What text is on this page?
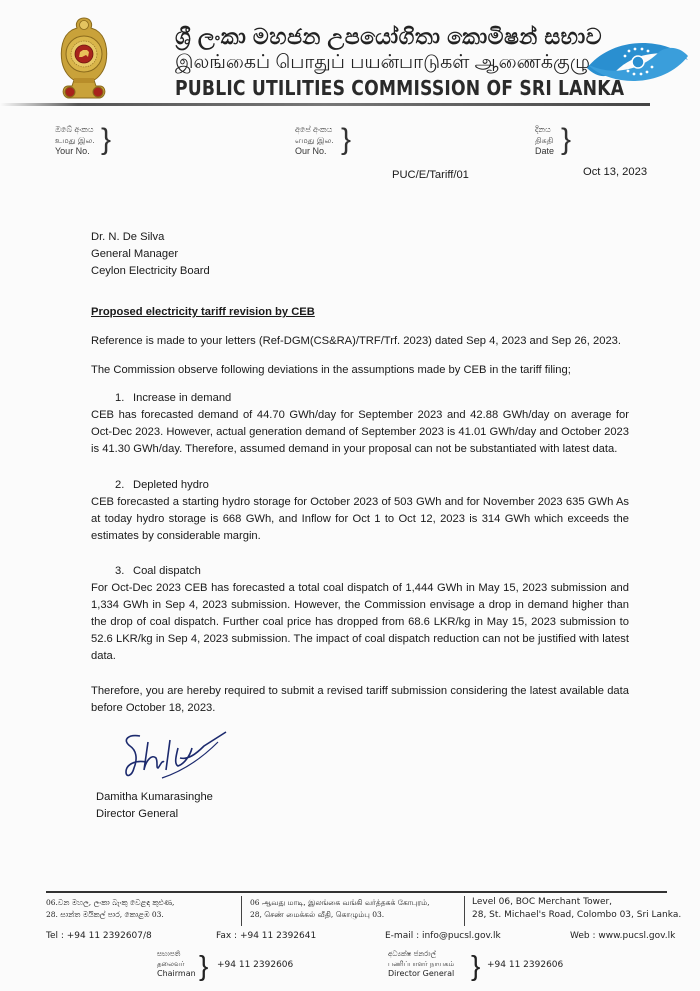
ශ්‍රී ලංකා මහජන උපයෝගිතා කොමිෂන් සභාව
இலங்கைப் பொதுப் பயன்பாடுகள் ஆணைக்குழு
PUBLIC UTILITIES COMMISSION OF SRI LANKA
ඔබේ අංකය
உமது இல.
Your No. }	අපේ අංකය
எமது இல.
Our No. }	දිනය
திகதி
Date }
PUC/E/Tariff/01	Oct 13, 2023
Dr. N. De Silva
General Manager
Ceylon Electricity Board
Proposed electricity tariff revision by CEB
Reference is made to your letters (Ref-DGM(CS&RA)/TRF/Trf. 2023) dated Sep 4, 2023 and Sep 26, 2023.
The Commission observe following deviations in the assumptions made by CEB in the tariff filing;
1. Increase in demand
CEB has forecasted demand of 44.70 GWh/day for September 2023 and 42.88 GWh/day on average for Oct-Dec 2023. However, actual generation demand of September 2023 is 41.01 GWh/day and October 2023 is 41.30 GWh/day. Therefore, assumed demand in your proposal can not be substantiated with latest data.
2. Depleted hydro
CEB forecasted a starting hydro storage for October 2023 of 503 GWh and for November 2023 635 GWh As at today hydro storage is 668 GWh, and Inflow for Oct 1 to Oct 12, 2023 is 314 GWh which exceeds the estimates by considerable margin.
3. Coal dispatch
For Oct-Dec 2023 CEB has forecasted a total coal dispatch of 1,444 GWh in May 15, 2023 submission and 1,334 GWh in Sep 4, 2023 submission. However, the Commission envisage a drop in demand higher than the drop of coal dispatch. Further coal price has dropped from 68.6 LKR/kg in May 15, 2023 submission to 52.6 LKR/kg in Sep 4, 2023 submission. The impact of coal dispatch reduction can not be justified with latest data.
Therefore, you are hereby required to submit a revised tariff submission considering the latest available data before October 18, 2023.
Damitha Kumarasinghe
Director General
06.වන මහල, ලංකා බැංකු වෙළඳ කුළුණ,
28. සාන්ත මයිකල් පාර, කොළඹ 03.
06 ஆவது மாடி, இலங்கை வங்கி வர்த்தகக் கோபுரம்,
28, செண் மைக்கல் வீதி, கொழும்பு 03.
Level 06, BOC Merchant Tower,
28, St. Michael's Road, Colombo 03, Sri Lanka.
Tel : +94 11 2392607/8	Fax : +94 11 2392641	E-mail : info@pucsl.gov.lk	Web : www.pucsl.gov.lk
සභාපති
தலைவர்
Chairman } +94 11 2392606
අධ්‍යක්ෂ ජනරාල්
பணிப்பாளர் நாயகம்
Director General } +94 11 2392606
